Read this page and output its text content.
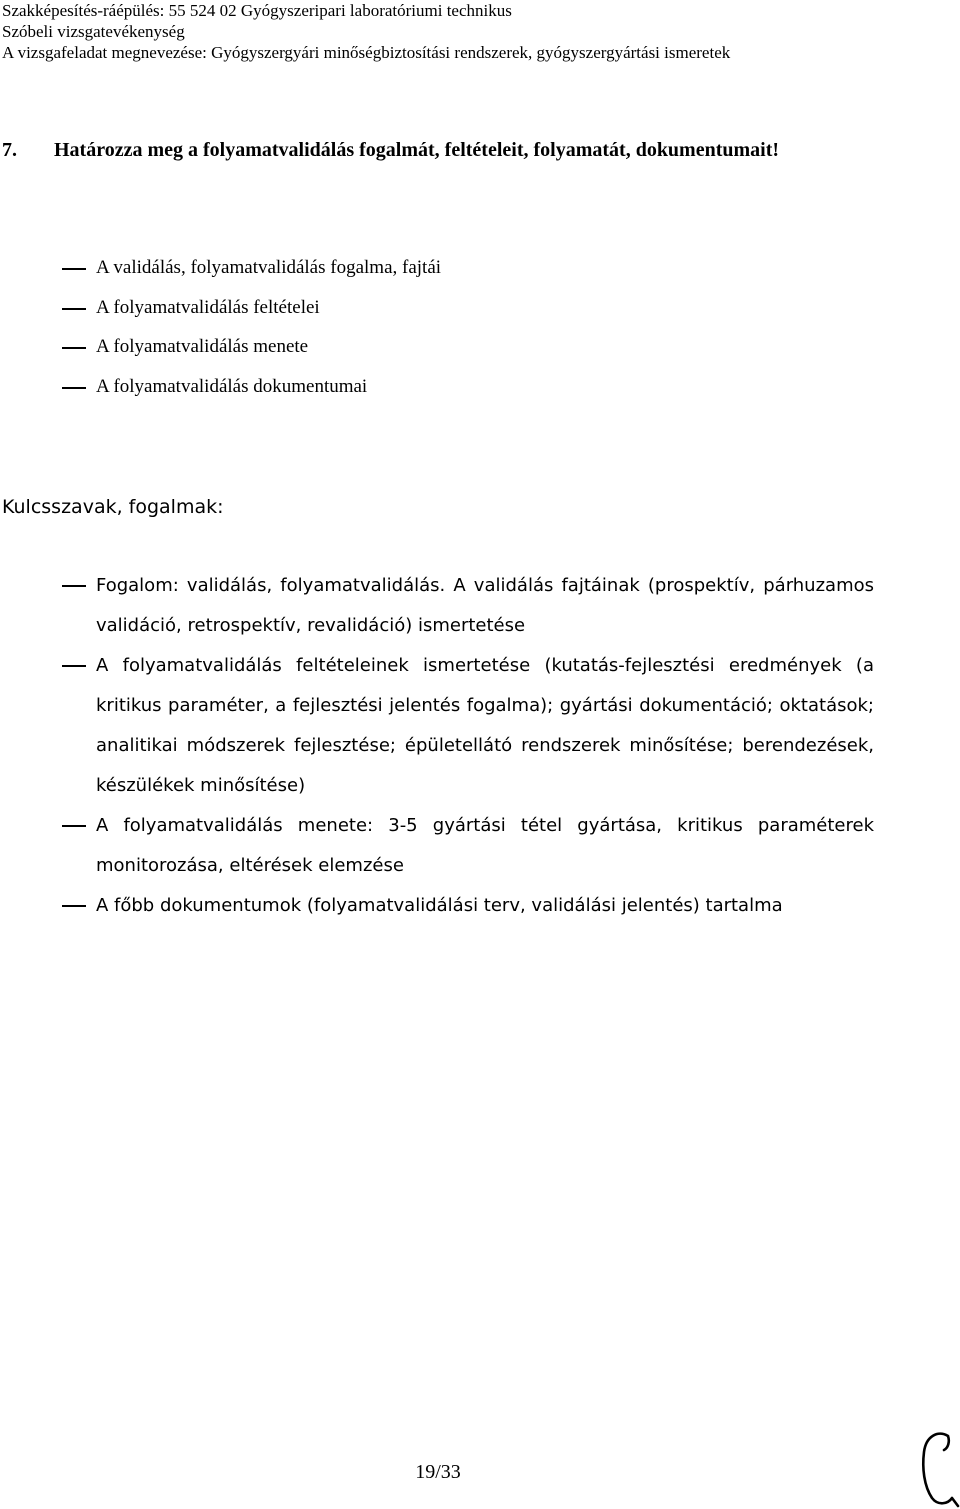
Szakképesítés-ráépülés: 55 524 02 Gyógyszeripari laboratóriumi technikus
Szóbeli vizsgatevékenység
A vizsgafeladat megnevezése: Gyógyszergyári minőségbiztosítási rendszerek, gyógyszergyártási ismeretek
7. Határozza meg a folyamatvalidálás fogalmát, feltételeit, folyamatát, dokumentumait!
A validálás, folyamatvalidálás fogalma, fajtái
A folyamatvalidálás feltételei
A folyamatvalidálás menete
A folyamatvalidálás dokumentumai
Kulcsszavak, fogalmak:
Fogalom: validálás, folyamatvalidálás. A validálás fajtáinak (prospektív, párhuzamos validáció, retrospektív, revalidáció) ismertetése
A folyamatvalidálás feltételeinek ismertetése (kutatás-fejlesztési eredmények (a kritikus paraméter, a fejlesztési jelentés fogalma); gyártási dokumentáció; oktatások; analitikai módszerek fejlesztése; épületellátó rendszerek minősítése; berendezések, készülékek minősítése)
A folyamatvalidálás menete: 3-5 gyártási tétel gyártása, kritikus paraméterek monitorozása, eltérések elemzése
A főbb dokumentumok (folyamatvalidálási terv, validálási jelentés) tartalma
19/33
